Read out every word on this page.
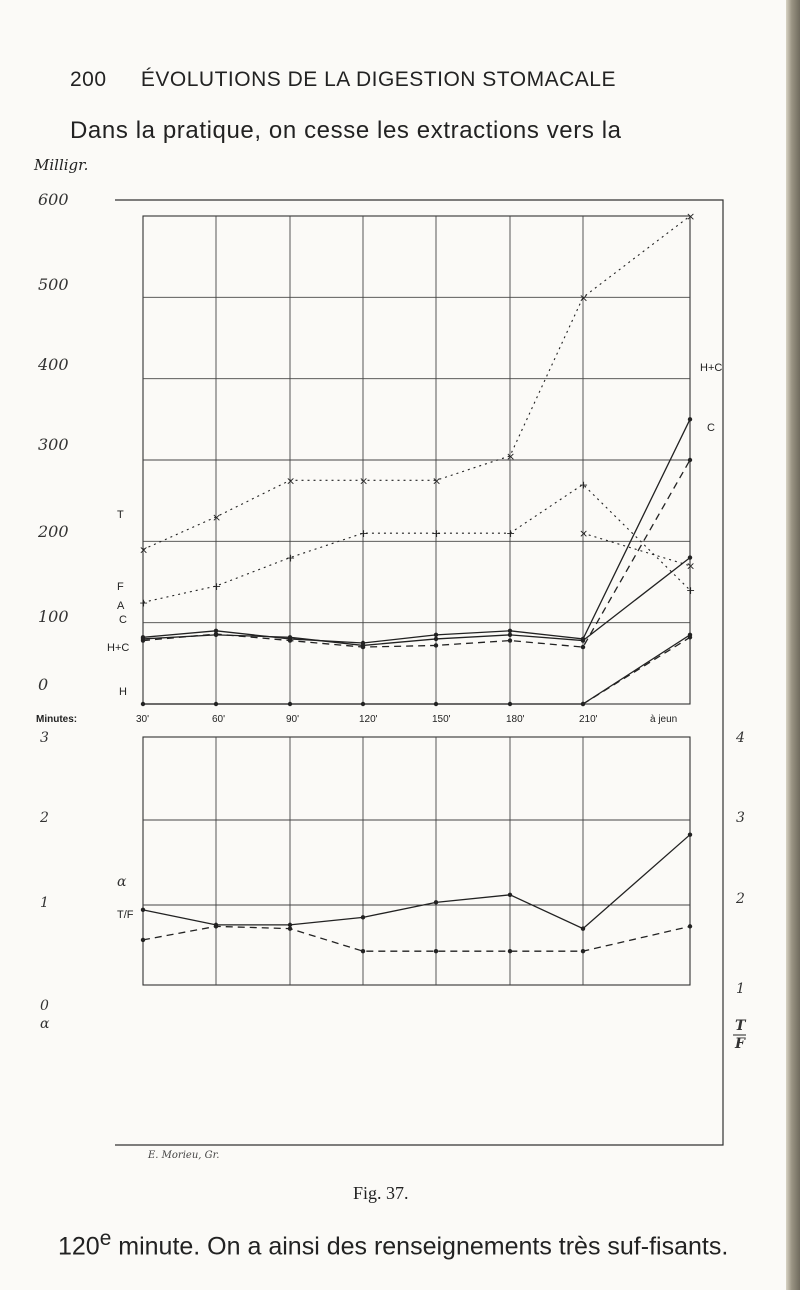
200 ÉVOLUTIONS DE LA DIGESTION STOMACALE
Dans la pratique, on cesse les extractions vers la
Milligr.
600
500
400
300
200
100
0
Minutes:	30'	60'	90'	120'	150'	180'	210'	à jeun
T
F
A
C
H+C
H
H+C
C
×
×
×	×	×
×
×
×
+
+
+
+	+	+
+
+
×
×
3
2
1
0
4
3
2
1
T
F
α
α
T/F
E. Morieu, Gr.
Fig. 37.
120e minute. On a ainsi des renseignements très suf-fisants.
